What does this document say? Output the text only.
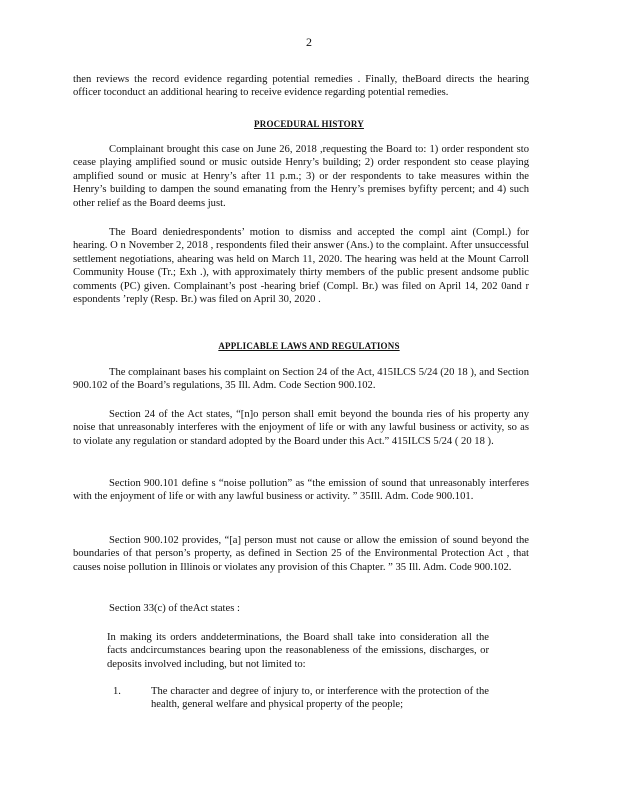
2

then reviews the record evidence regarding potential remedies . Finally, theBoard directs the hearing officer toconduct an additional hearing to receive evidence regarding potential remedies.

PROCEDURAL HISTORY

Complainant brought this case on June 26, 2018 ,requesting the Board to: 1) order respondent sto cease playing amplified sound or music outside Henry’s building; 2) order respondent sto cease playing amplified sound or music at Henry’s after 11 p.m.; 3) or der respondents to take measures within the Henry’s building to dampen the sound emanating from the Henry’s premises byfifty percent; and 4) such other relief as the Board deems just.

The Board deniedrespondents’ motion to dismiss and accepted the compl aint (Compl.) for hearing. O n November 2, 2018 , respondents filed their answer (Ans.) to the complaint. After unsuccessful settlement negotiations, ahearing was held on March 11, 2020. The hearing was held at the Mount Carroll Community House (Tr.; Exh .), with approximately thirty members of the public present andsome public comments (PC) given. Complainant’s post -hearing brief (Compl. Br.) was filed on April 14, 202 0and r espondents ’reply (Resp. Br.) was filed on April 30, 2020 .

APPLICABLE LAWS AND REGULATIONS

The complainant bases his complaint on Section 24 of the Act, 415ILCS 5/24 (20 18 ), and Section 900.102 of the Board’s regulations, 35 Ill. Adm. Code Section 900.102.

Section 24 of the Act states, “[n]o person shall emit beyond the bounda ries of his property any noise that unreasonably interferes with the enjoyment of life or with any lawful business or activity, so as to violate any regulation or standard adopted by the Board under this Act.” 415ILCS 5/24 ( 20 18 ).

Section 900.101 define s “noise pollution” as “the emission of sound that unreasonably interferes with the enjoyment of life or with any lawful business or activity. ” 35Ill. Adm. Code 900.101.

Section 900.102 provides, “[a] person must not cause or allow the emission of sound beyond the boundaries of that person’s property, as defined in Section 25 of the Environmental Protection Act , that causes noise pollution in Illinois or violates any provision of this Chapter. ” 35 Ill. Adm. Code 900.102.

Section 33(c) of theAct states :

In making its orders anddeterminations, the Board shall take into consideration all the facts andcircumstances bearing upon the reasonableness of the emissions, discharges, or deposits involved including, but not limited to:

1.	The character and degree of injury to, or interference with the protection of the health, general welfare and physical property of the people;
